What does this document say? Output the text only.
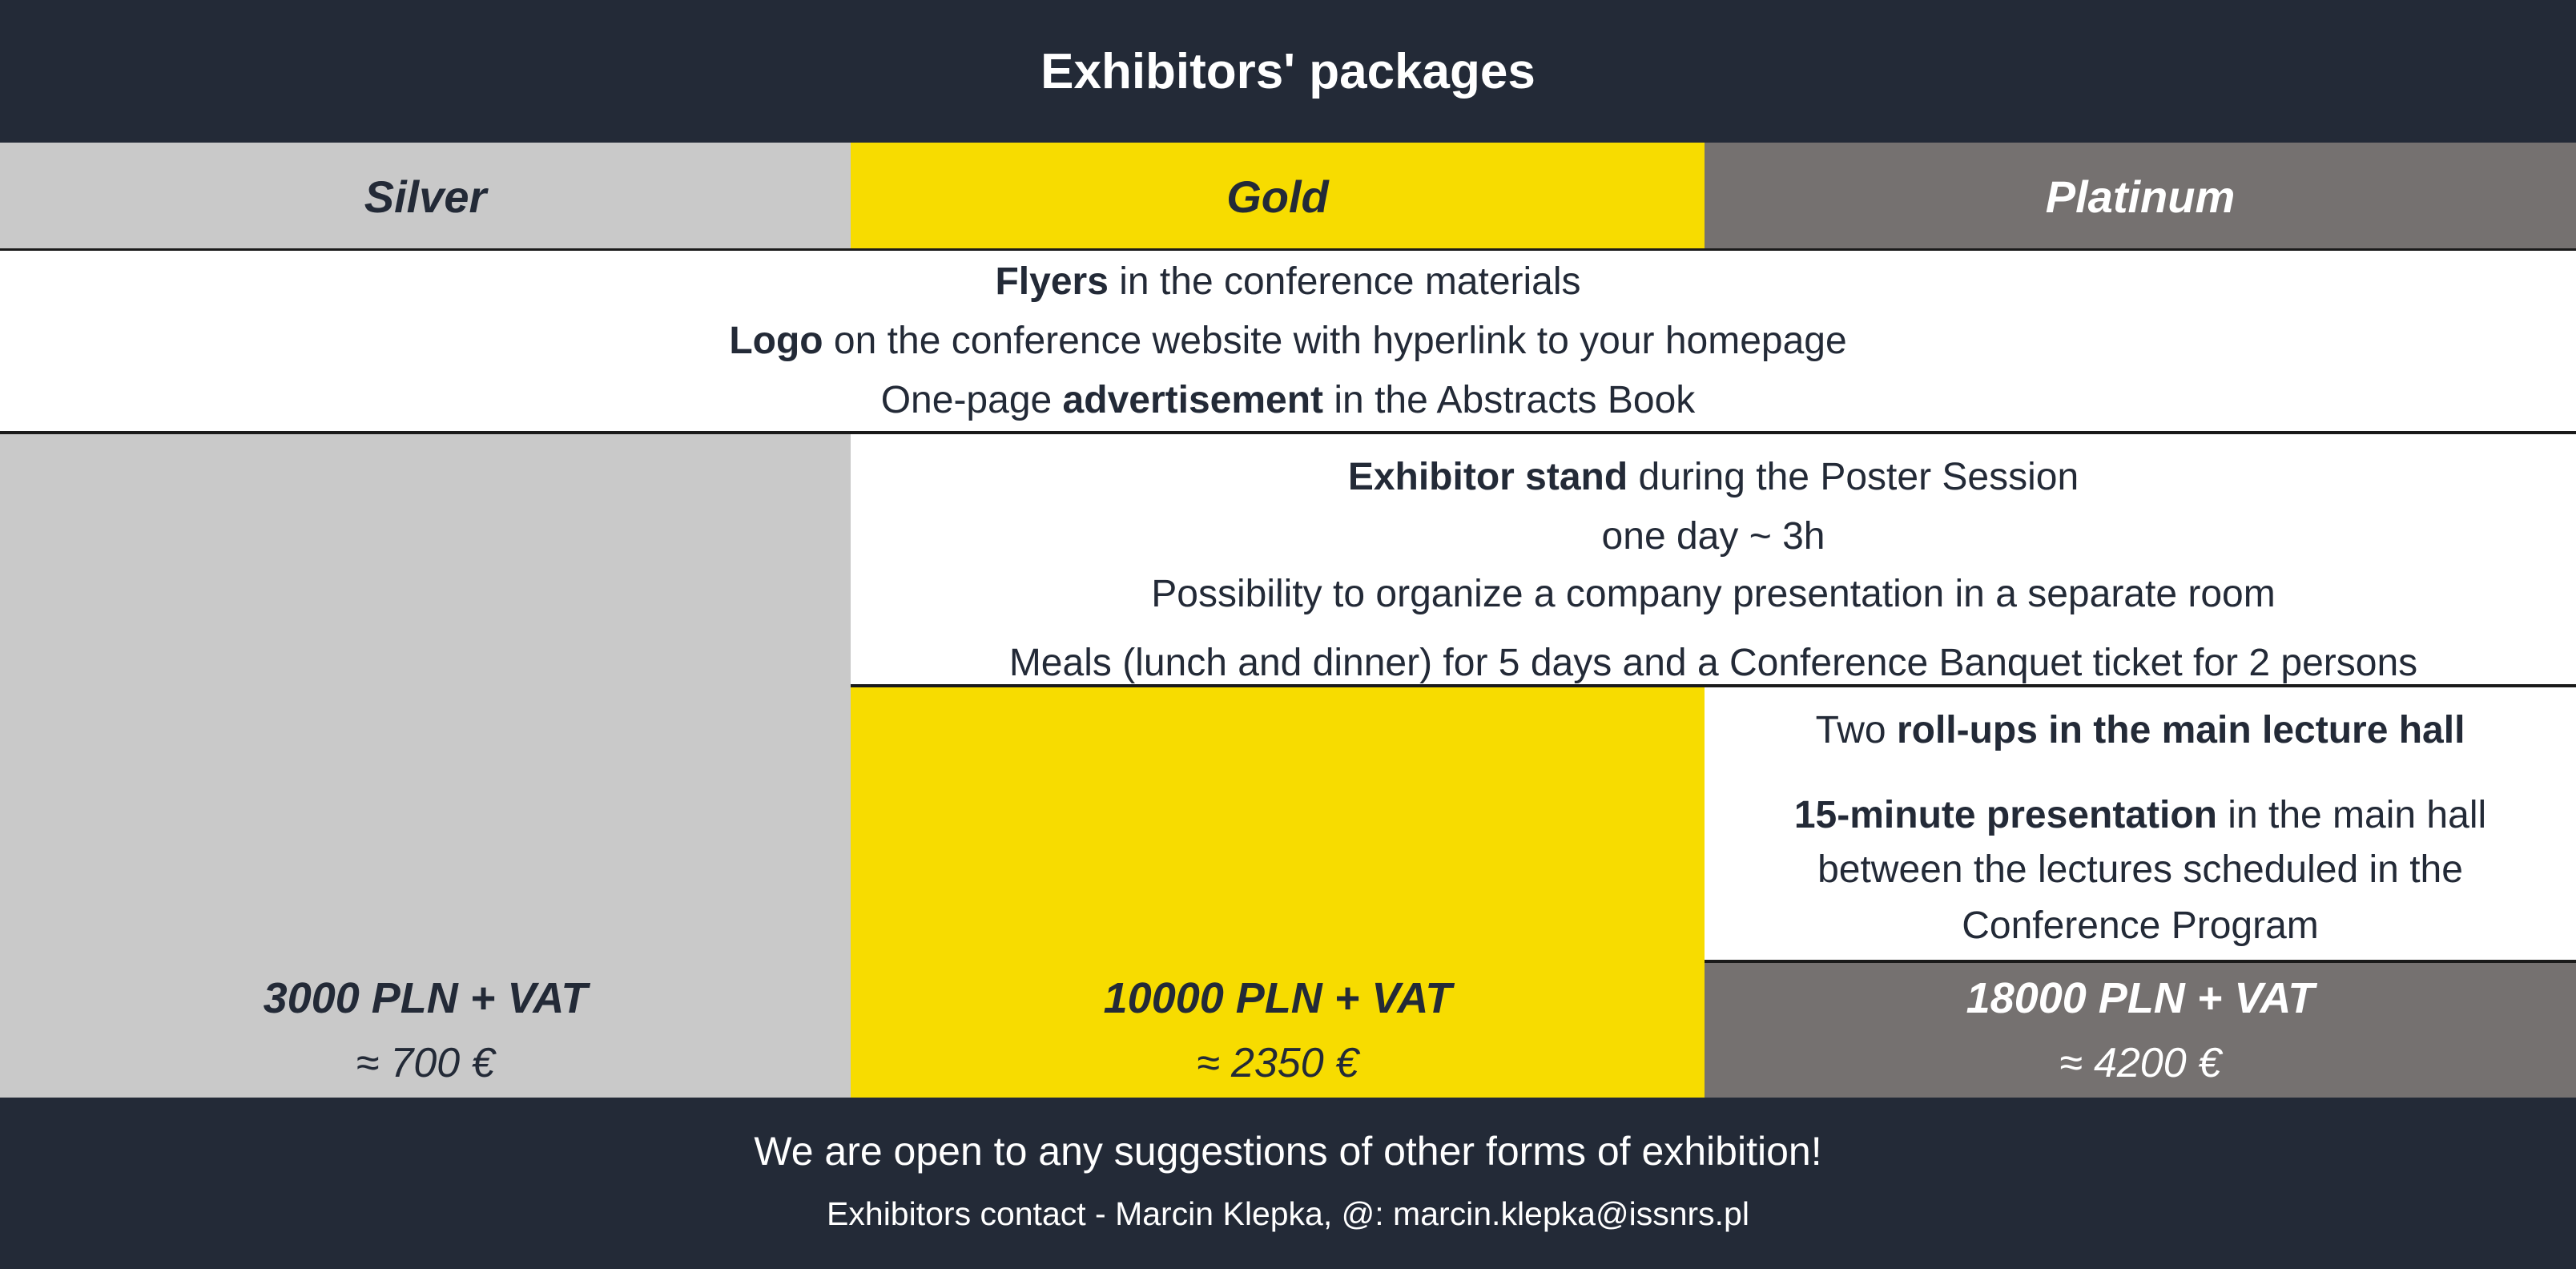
Exhibitors' packages
Silver	Gold	Platinum
Flyers in the conference materials
Logo on the conference website with hyperlink to your homepage
One-page advertisement in the Abstracts Book
Exhibitor stand during the Poster Session
one day ~ 3h
Possibility to organize a company presentation in a separate room
Meals (lunch and dinner) for 5 days and a Conference Banquet ticket for 2 persons
Two roll-ups in the main lecture hall
15-minute presentation in the main hall
between the lectures scheduled in the
Conference Program
3000 PLN + VAT
≈ 700 €
10000 PLN + VAT
≈ 2350 €
18000 PLN + VAT
≈ 4200 €
We are open to any suggestions of other forms of exhibition!
Exhibitors contact - Marcin Klepka, @: marcin.klepka@issnrs.pl
